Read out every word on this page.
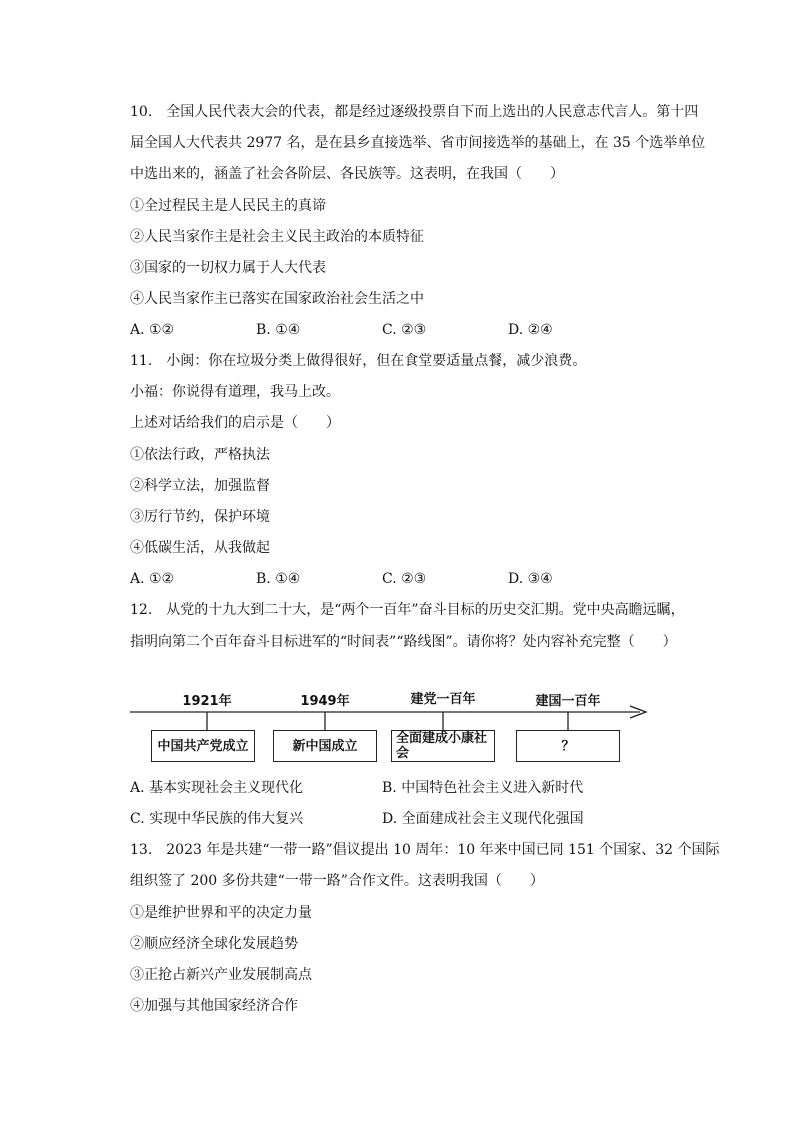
10.　全国人民代表大会的代表，都是经过逐级投票自下而上选出的人民意志代言人。第十四
届全国人大代表共 2977 名，是在县乡直接选举、省市间接选举的基础上，在 35 个选举单位
中选出来的，涵盖了社会各阶层、各民族等。这表明，在我国（　　）
①全过程民主是人民民主的真谛
②人民当家作主是社会主义民主政治的本质特征
③国家的一切权力属于人大代表
④人民当家作主已落实在国家政治社会生活之中
A. ①②	B. ①④	C. ②③	D. ②④
11.　小闽：你在垃圾分类上做得很好，但在食堂要适量点餐，减少浪费。
小福：你说得有道理，我马上改。
上述对话给我们的启示是（　　）
①依法行政，严格执法
②科学立法，加强监督
③厉行节约，保护环境
④低碳生活，从我做起
A. ①②	B. ①④	C. ②③	D. ③④
12.　从党的十九大到二十大，是“两个一百年”奋斗目标的历史交汇期。党中央高瞻远瞩，
指明向第二个百年奋斗目标进军的“时间表”“路线图”。请你将？处内容补充完整（　　）
1921年	1949年	建党一百年	建国一百年
中国共产党成立	新中国成立	全面建成小康社会	？
A. 基本实现社会主义现代化	B. 中国特色社会主义进入新时代
C. 实现中华民族的伟大复兴	D. 全面建成社会主义现代化强国
13.　2023 年是共建“一带一路”倡议提出 10 周年：10 年来中国已同 151 个国家、32 个国际
组织签了 200 多份共建“一带一路”合作文件。这表明我国（　　）
①是维护世界和平的决定力量
②顺应经济全球化发展趋势
③正抢占新兴产业发展制高点
④加强与其他国家经济合作
